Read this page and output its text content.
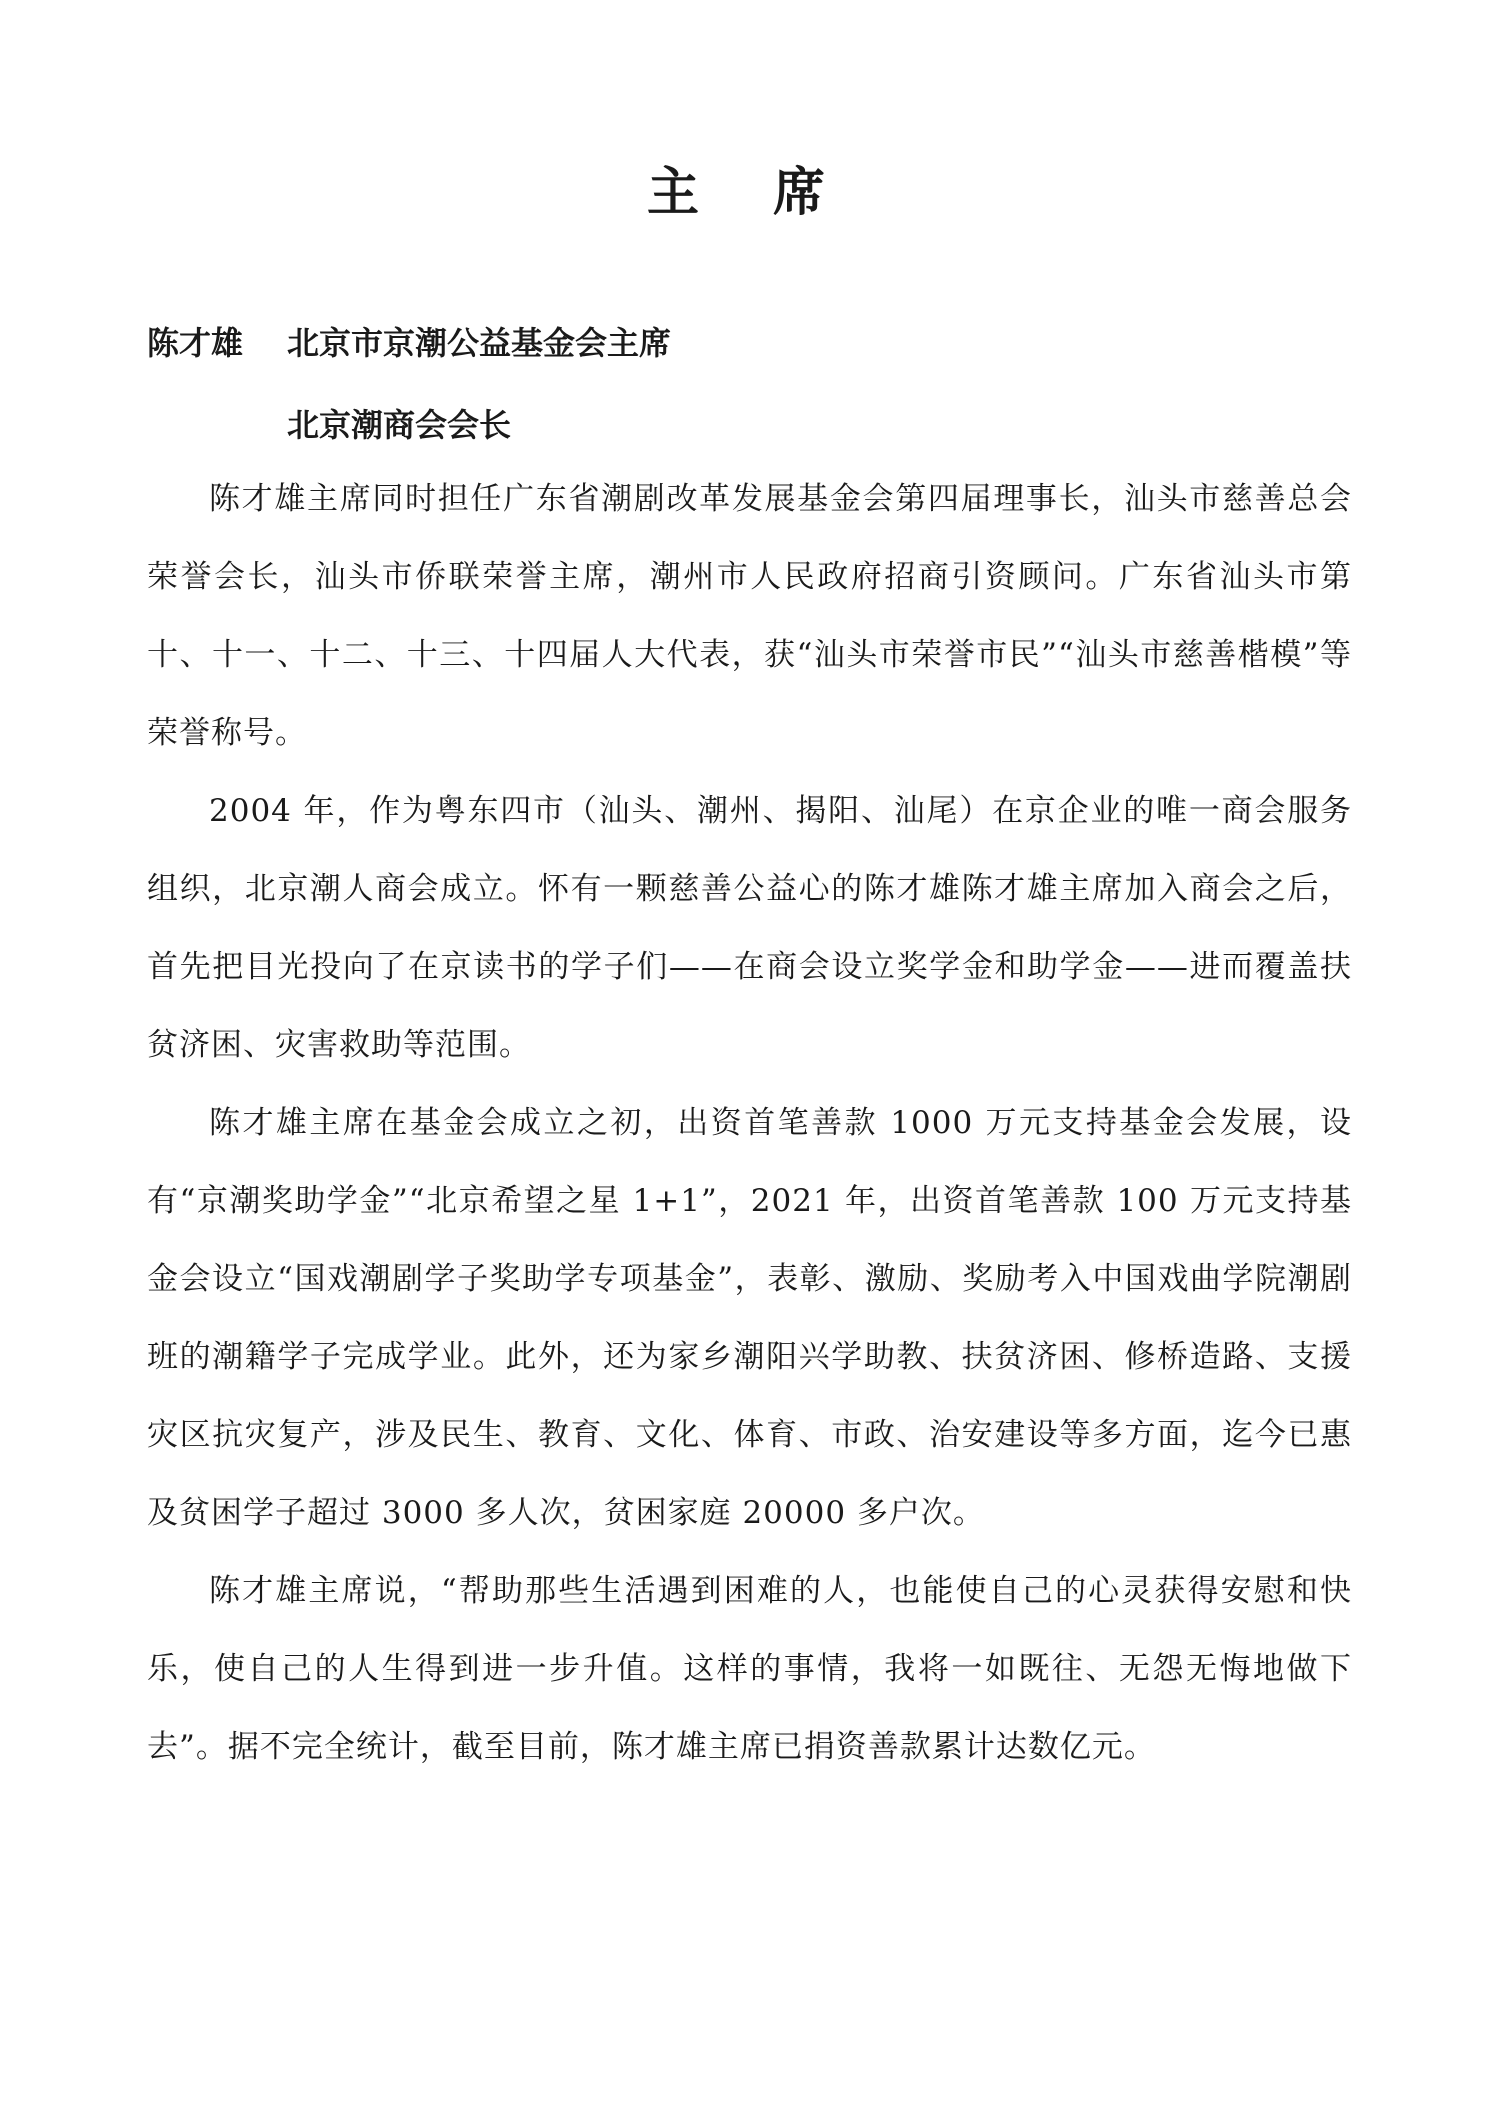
主 席
陈才雄 北京市京潮公益基金会主席
北京潮商会会长

陈才雄主席同时担任广东省潮剧改革发展基金会第四届理事长，汕头市慈善总会荣誉会长，汕头市侨联荣誉主席，潮州市人民政府招商引资顾问。广东省汕头市第十、十一、十二、十三、十四届人大代表，获“汕头市荣誉市民”“汕头市慈善楷模”等荣誉称号。

2004 年，作为粤东四市（汕头、潮州、揭阳、汕尾）在京企业的唯一商会服务组织，北京潮人商会成立。怀有一颗慈善公益心的陈才雄陈才雄主席加入商会之后，首先把目光投向了在京读书的学子们——在商会设立奖学金和助学金——进而覆盖扶贫济困、灾害救助等范围。

陈才雄主席在基金会成立之初，出资首笔善款 1000 万元支持基金会发展，设有“京潮奖助学金”“北京希望之星 1+1”，2021 年，出资首笔善款 100 万元支持基金会设立“国戏潮剧学子奖助学专项基金”，表彰、激励、奖励考入中国戏曲学院潮剧班的潮籍学子完成学业。此外，还为家乡潮阳兴学助教、扶贫济困、修桥造路、支援灾区抗灾复产，涉及民生、教育、文化、体育、市政、治安建设等多方面，迄今已惠及贫困学子超过 3000 多人次，贫困家庭 20000 多户次。

陈才雄主席说，“帮助那些生活遇到困难的人，也能使自己的心灵获得安慰和快乐，使自己的人生得到进一步升值。这样的事情，我将一如既往、无怨无悔地做下去”。据不完全统计，截至目前，陈才雄主席已捐资善款累计达数亿元。
